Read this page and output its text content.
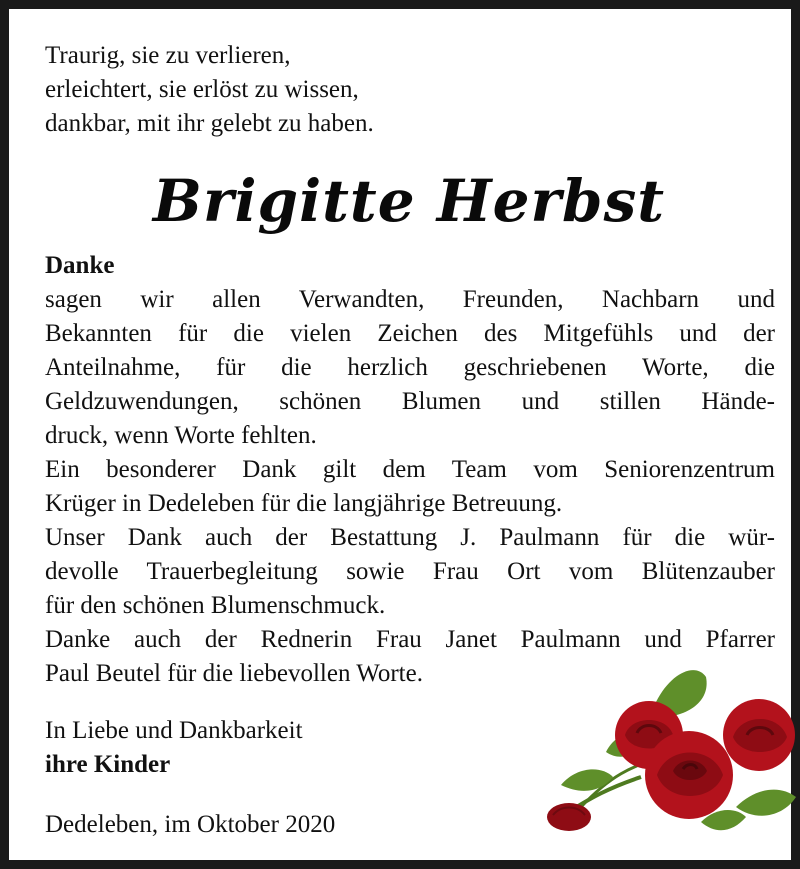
Traurig, sie zu verlieren,
erleichtert, sie erlöst zu wissen,
dankbar, mit ihr gelebt zu haben.
Brigitte Herbst
Danke
sagen wir allen Verwandten, Freunden, Nachbarn und
Bekannten für die vielen Zeichen des Mitgefühls und der
Anteilnahme, für die herzlich geschriebenen Worte, die
Geldzuwendungen, schönen Blumen und stillen Hände-
druck, wenn Worte fehlten.
Ein besonderer Dank gilt dem Team vom Seniorenzentrum
Krüger in Dedeleben für die langjährige Betreuung.
Unser Dank auch der Bestattung J. Paulmann für die wür-
devolle Trauerbegleitung sowie Frau Ort vom Blütenzauber
für den schönen Blumenschmuck.
Danke auch der Rednerin Frau Janet Paulmann und Pfarrer
Paul Beutel für die liebevollen Worte.
In Liebe und Dankbarkeit
ihre Kinder
Dedeleben, im Oktober 2020
